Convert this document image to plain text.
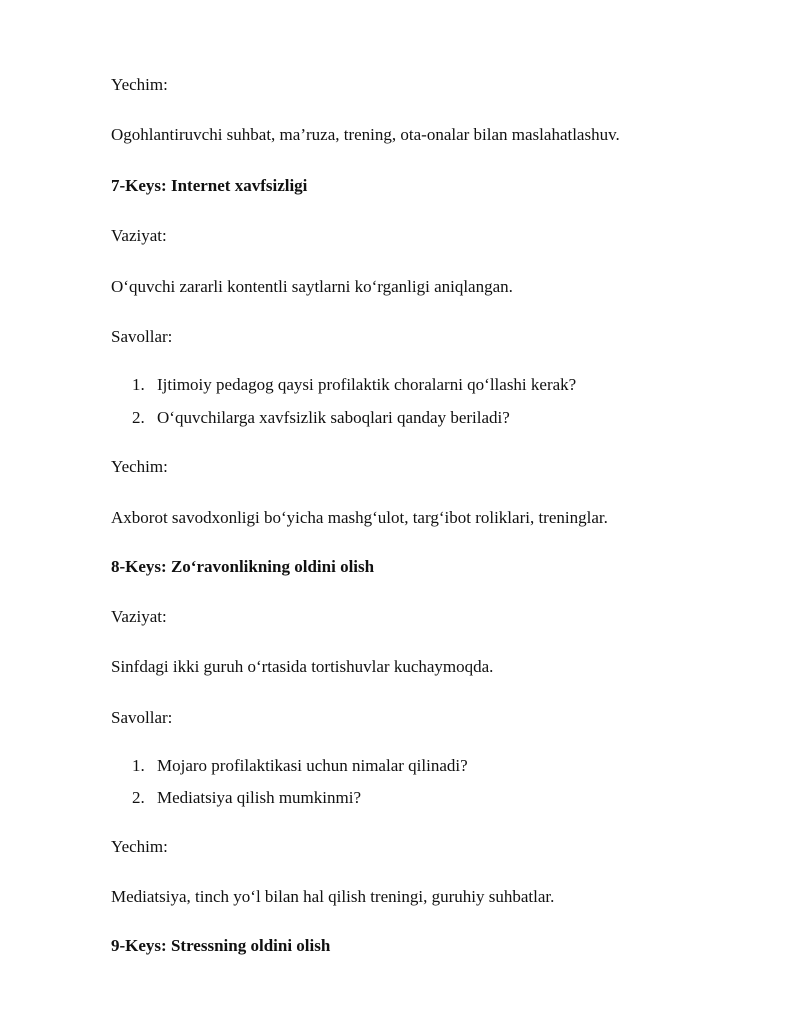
Yechim:

Ogohlantiruvchi suhbat, ma’ruza, trening, ota-onalar bilan maslahatlashuv.

7-Keys: Internet xavfsizligi

Vaziyat:

O‘quvchi zararli kontentli saytlarni ko‘rganligi aniqlangan.

Savollar:

1. Ijtimoiy pedagog qaysi profilaktik choralarni qo‘llashi kerak?
2. O‘quvchilarga xavfsizlik saboqlari qanday beriladi?

Yechim:

Axborot savodxonligi bo‘yicha mashg‘ulot, targ‘ibot roliklari, treninglar.

8-Keys: Zo‘ravonlikning oldini olish

Vaziyat:

Sinfdagi ikki guruh o‘rtasida tortishuvlar kuchaymoqda.

Savollar:

1. Mojaro profilaktikasi uchun nimalar qilinadi?
2. Mediatsiya qilish mumkinmi?

Yechim:

Mediatsiya, tinch yo‘l bilan hal qilish treningi, guruhiy suhbatlar.

9-Keys: Stressning oldini olish
